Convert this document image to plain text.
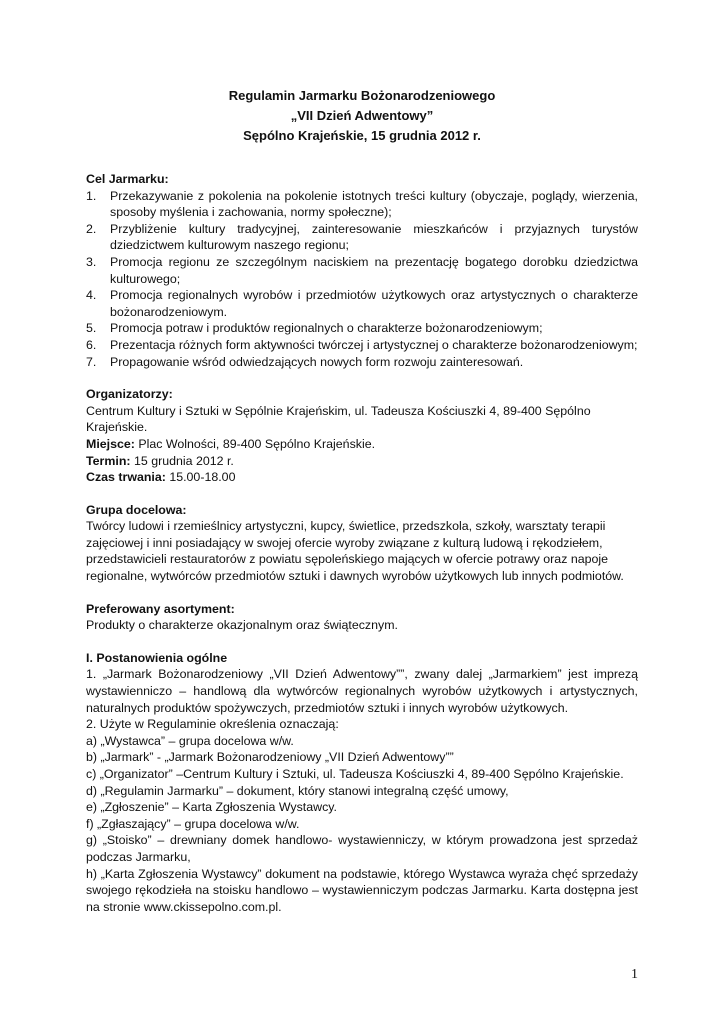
Regulamin Jarmarku Bożonarodzeniowego
„VII Dzień Adwentowy”
Sępólno Krajeńskie, 15 grudnia 2012 r.
Cel Jarmarku:
1. Przekazywanie z pokolenia na pokolenie istotnych treści kultury (obyczaje, poglądy, wierzenia, sposoby myślenia i zachowania, normy społeczne);
2. Przybliżenie kultury tradycyjnej, zainteresowanie mieszkańców i przyjaznych turystów dziedzictwem kulturowym naszego regionu;
3. Promocja regionu ze szczególnym naciskiem na prezentację bogatego dorobku dziedzictwa kulturowego;
4. Promocja regionalnych wyrobów i przedmiotów użytkowych oraz artystycznych o charakterze bożonarodzeniowym.
5. Promocja potraw i produktów regionalnych o charakterze bożonarodzeniowym;
6. Prezentacja różnych form aktywności twórczej i artystycznej o charakterze bożonarodzeniowym;
7. Propagowanie wśród odwiedzających nowych form rozwoju zainteresowań.
Organizatorzy:

Centrum Kultury i Sztuki w Sępólnie Krajeńskim, ul. Tadeusza Kościuszki 4, 89-400 Sępólno Krajeńskie.

Miejsce: Plac Wolności, 89-400 Sępólno Krajeńskie.

Termin: 15 grudnia 2012 r.

Czas trwania: 15.00-18.00

Grupa docelowa:

Twórcy ludowi i rzemieślnicy artystyczni, kupcy, świetlice, przedszkola, szkoły, warsztaty terapii

zajęciowej i inni posiadający w swojej ofercie wyroby związane z kulturą ludową i rękodziełem,

przedstawicieli restauratorów z powiatu sępoleńskiego mających w ofercie potrawy oraz napoje

regionalne, wytwórców przedmiotów sztuki i dawnych wyrobów użytkowych lub innych podmiotów.

Preferowany asortyment:

Produkty o charakterze okazjonalnym oraz świątecznym.

I. Postanowienia ogólne

1. „Jarmark Bożonarodzeniowy „VII Dzień Adwentowy””, zwany dalej „Jarmarkiem” jest imprezą wystawienniczo – handlową dla wytwórców regionalnych wyrobów użytkowych i artystycznych, naturalnych produktów spożywczych, przedmiotów sztuki i innych wyrobów użytkowych.

2. Użyte w Regulaminie określenia oznaczają:

a) „Wystawca” – grupa docelowa w/w.

b) „Jarmark” - „Jarmark Bożonarodzeniowy „VII Dzień Adwentowy””

c) „Organizator” –Centrum Kultury i Sztuki, ul. Tadeusza Kościuszki 4, 89-400 Sępólno Krajeńskie.

d) „Regulamin Jarmarku” – dokument, który stanowi integralną część umowy,

e) „Zgłoszenie” – Karta Zgłoszenia Wystawcy.

f) „Zgłaszający” – grupa docelowa w/w.

g) „Stoisko” – drewniany domek handlowo- wystawienniczy, w którym prowadzona jest sprzedaż podczas Jarmarku,

h) „Karta Zgłoszenia Wystawcy” dokument na podstawie, którego Wystawca wyraża chęć sprzedaży swojego rękodzieła na stoisku handlowo – wystawienniczym podczas Jarmarku. Karta dostępna jest na stronie www.ckissepolno.com.pl.

1
